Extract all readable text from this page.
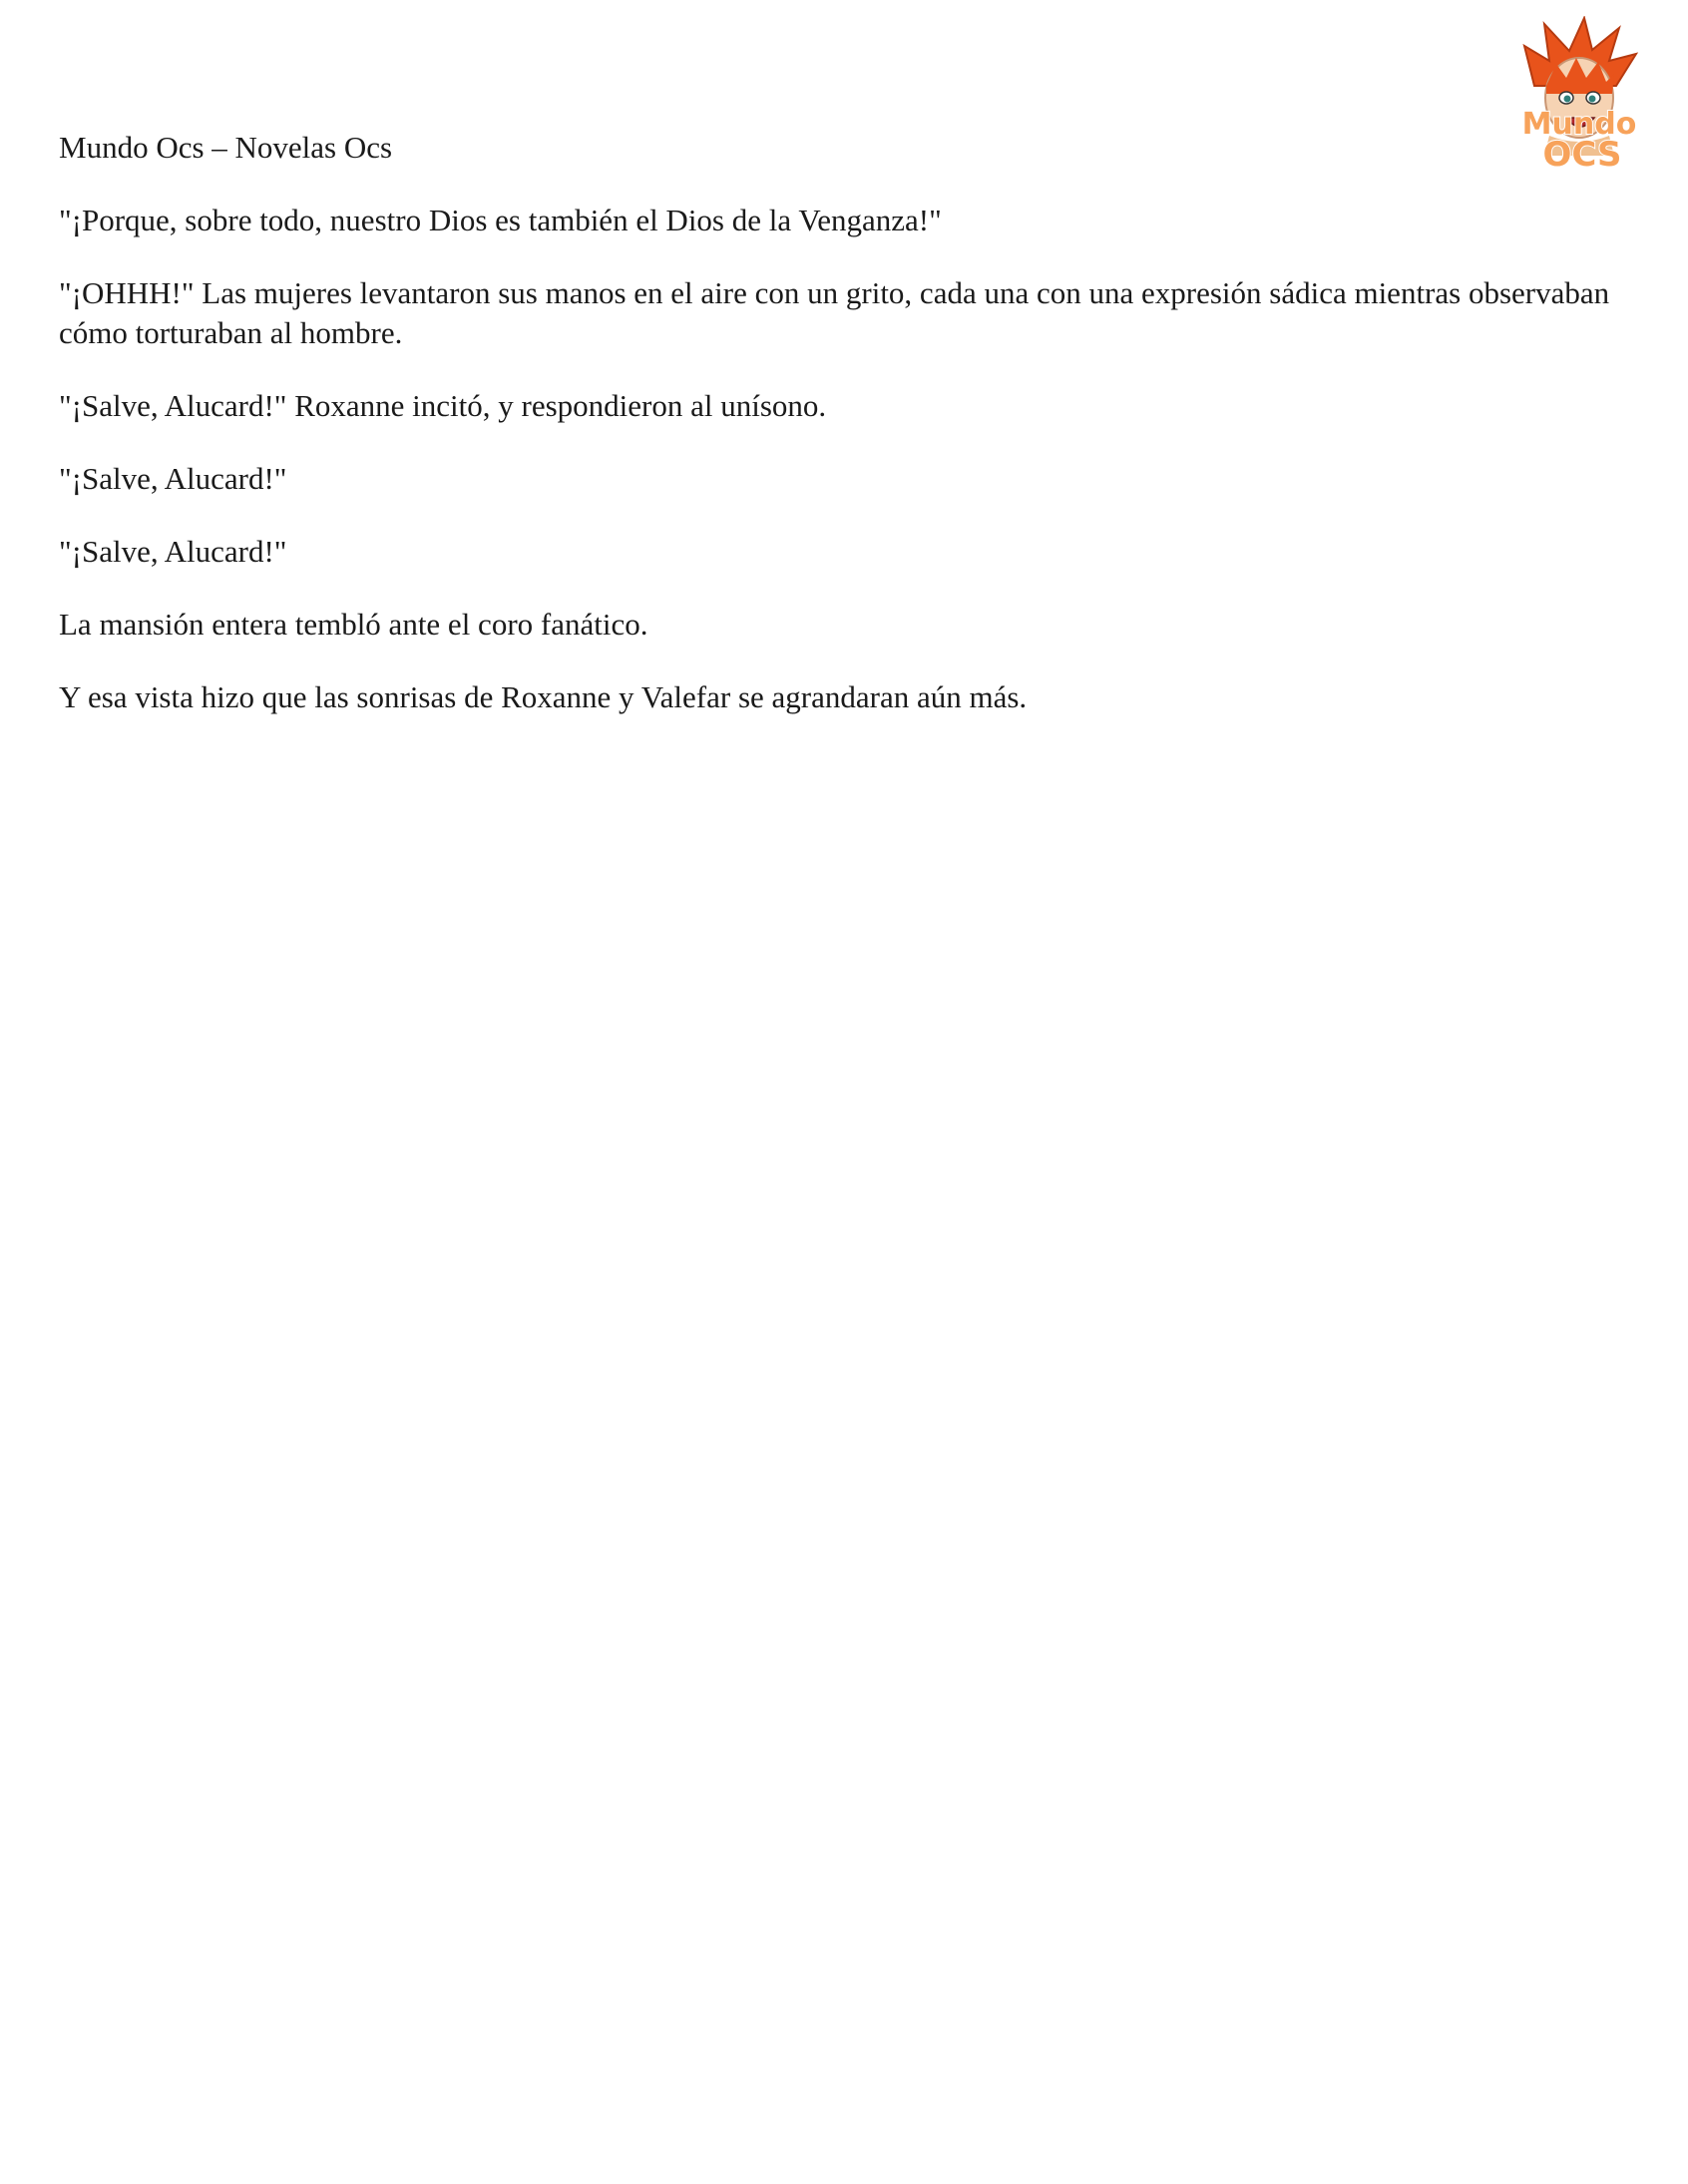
Mundo
OCS

Mundo Ocs – Novelas Ocs

"¡Porque, sobre todo, nuestro Dios es también el Dios de la Venganza!"

"¡OHHH!" Las mujeres levantaron sus manos en el aire con un grito, cada una con una expresión sádica mientras observaban cómo torturaban al hombre.

"¡Salve, Alucard!" Roxanne incitó, y respondieron al unísono.

"¡Salve, Alucard!"

"¡Salve, Alucard!"

La mansión entera tembló ante el coro fanático.

Y esa vista hizo que las sonrisas de Roxanne y Valefar se agrandaran aún más.
